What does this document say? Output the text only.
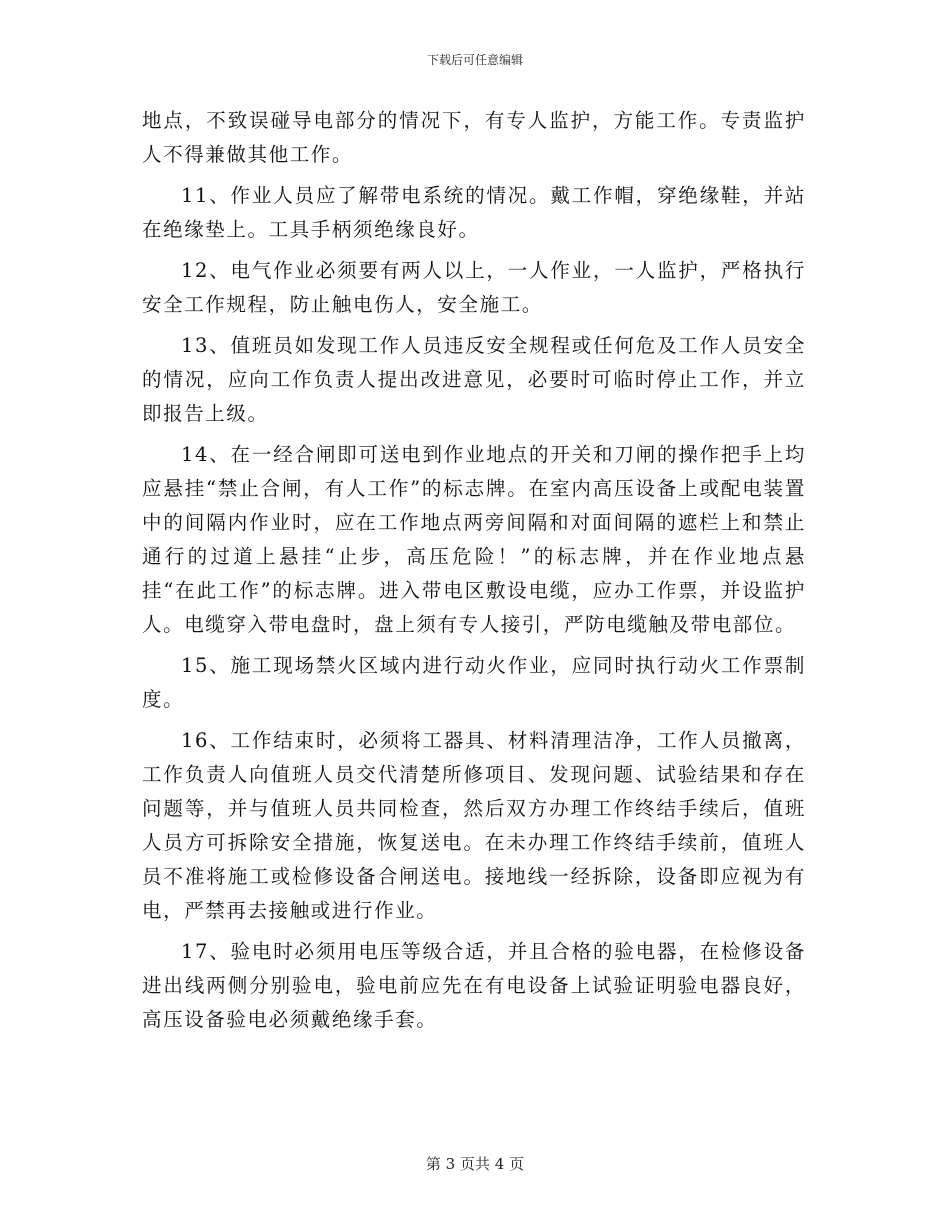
下载后可任意编辑

地点，不致误碰导电部分的情况下，有专人监护，方能工作。专责监护人不得兼做其他工作。

11、作业人员应了解带电系统的情况。戴工作帽，穿绝缘鞋，并站在绝缘垫上。工具手柄须绝缘良好。

12、电气作业必须要有两人以上，一人作业，一人监护，严格执行安全工作规程，防止触电伤人，安全施工。

13、值班员如发现工作人员违反安全规程或任何危及工作人员安全的情况，应向工作负责人提出改进意见，必要时可临时停止工作，并立即报告上级。

14、在一经合闸即可送电到作业地点的开关和刀闸的操作把手上均应悬挂“禁止合闸，有人工作”的标志牌。在室内高压设备上或配电装置中的间隔内作业时，应在工作地点两旁间隔和对面间隔的遮栏上和禁止通行的过道上悬挂“止步，高压危险！”的标志牌，并在作业地点悬挂“在此工作”的标志牌。进入带电区敷设电缆，应办工作票，并设监护人。电缆穿入带电盘时，盘上须有专人接引，严防电缆触及带电部位。

15、施工现场禁火区域内进行动火作业，应同时执行动火工作票制度。

16、工作结束时，必须将工器具、材料清理洁净，工作人员撤离，工作负责人向值班人员交代清楚所修项目、发现问题、试验结果和存在问题等，并与值班人员共同检查，然后双方办理工作终结手续后，值班人员方可拆除安全措施，恢复送电。在未办理工作终结手续前，值班人员不准将施工或检修设备合闸送电。接地线一经拆除，设备即应视为有电，严禁再去接触或进行作业。

17、验电时必须用电压等级合适，并且合格的验电器，在检修设备进出线两侧分别验电，验电前应先在有电设备上试验证明验电器良好，高压设备验电必须戴绝缘手套。

第 3 页共 4 页
